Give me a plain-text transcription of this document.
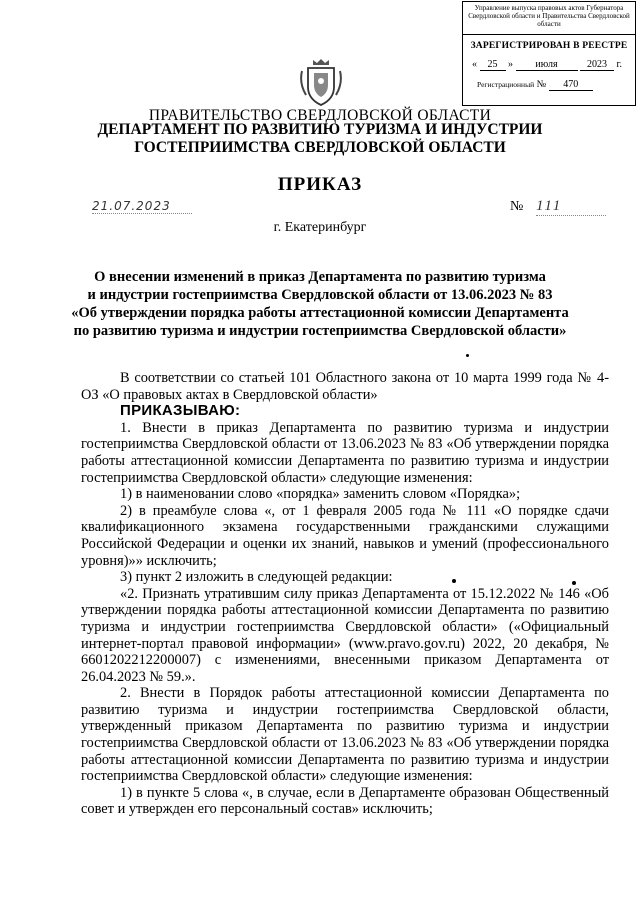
Управление выпуска правовых актов Губернатора Свердловской области и Правительства Свердловской области
ЗАРЕГИСТРИРОВАН В РЕЕСТРЕ
« 25 » июля	2023 г.
Регистрационный № 470
ПРАВИТЕЛЬСТВО СВЕРДЛОВСКОЙ ОБЛАСТИ
ДЕПАРТАМЕНТ ПО РАЗВИТИЮ ТУРИЗМА И ИНДУСТРИИ
ГОСТЕПРИИМСТВА СВЕРДЛОВСКОЙ ОБЛАСТИ
ПРИКАЗ
21.07.2023	№ 111
г. Екатеринбург
О внесении изменений в приказ Департамента по развитию туризма
и индустрии гостеприимства Свердловской области от 13.06.2023 № 83
«Об утверждении порядка работы аттестационной комиссии Департамента
по развитию туризма и индустрии гостеприимства Свердловской области»

В соответствии со статьей 101 Областного закона от 10 марта 1999 года № 4-ОЗ «О правовых актах в Свердловской области»

ПРИКАЗЫВАЮ:

1. Внести в приказ Департамента по развитию туризма и индустрии гостеприимства Свердловской области от 13.06.2023 № 83 «Об утверждении порядка работы аттестационной комиссии Департамента по развитию туризма и индустрии гостеприимства Свердловской области» следующие изменения:

1) в наименовании слово «порядка» заменить словом «Порядка»;

2) в преамбуле слова «, от 1 февраля 2005 года № 111 «О порядке сдачи квалификационного экзамена государственными гражданскими служащими Российской Федерации и оценки их знаний, навыков и умений (профессионального уровня)»» исключить;

3) пункт 2 изложить в следующей редакции:

«2. Признать утратившим силу приказ Департамента от 15.12.2022 № 146 «Об утверждении порядка работы аттестационной комиссии Департамента по развитию туризма и индустрии гостеприимства Свердловской области» («Официальный интернет-портал правовой информации» (www.pravo.gov.ru) 2022, 20 декабря, № 6601202212200007) с изменениями, внесенными приказом Департамента от 26.04.2023 № 59.».

2. Внести в Порядок работы аттестационной комиссии Департамента по развитию туризма и индустрии гостеприимства Свердловской области, утвержденный приказом Департамента по развитию туризма и индустрии гостеприимства Свердловской области от 13.06.2023 № 83 «Об утверждении порядка работы аттестационной комиссии Департамента по развитию туризма и индустрии гостеприимства Свердловской области» следующие изменения:

1) в пункте 5 слова «, в случае, если в Департаменте образован Общественный совет и утвержден его персональный состав» исключить;
